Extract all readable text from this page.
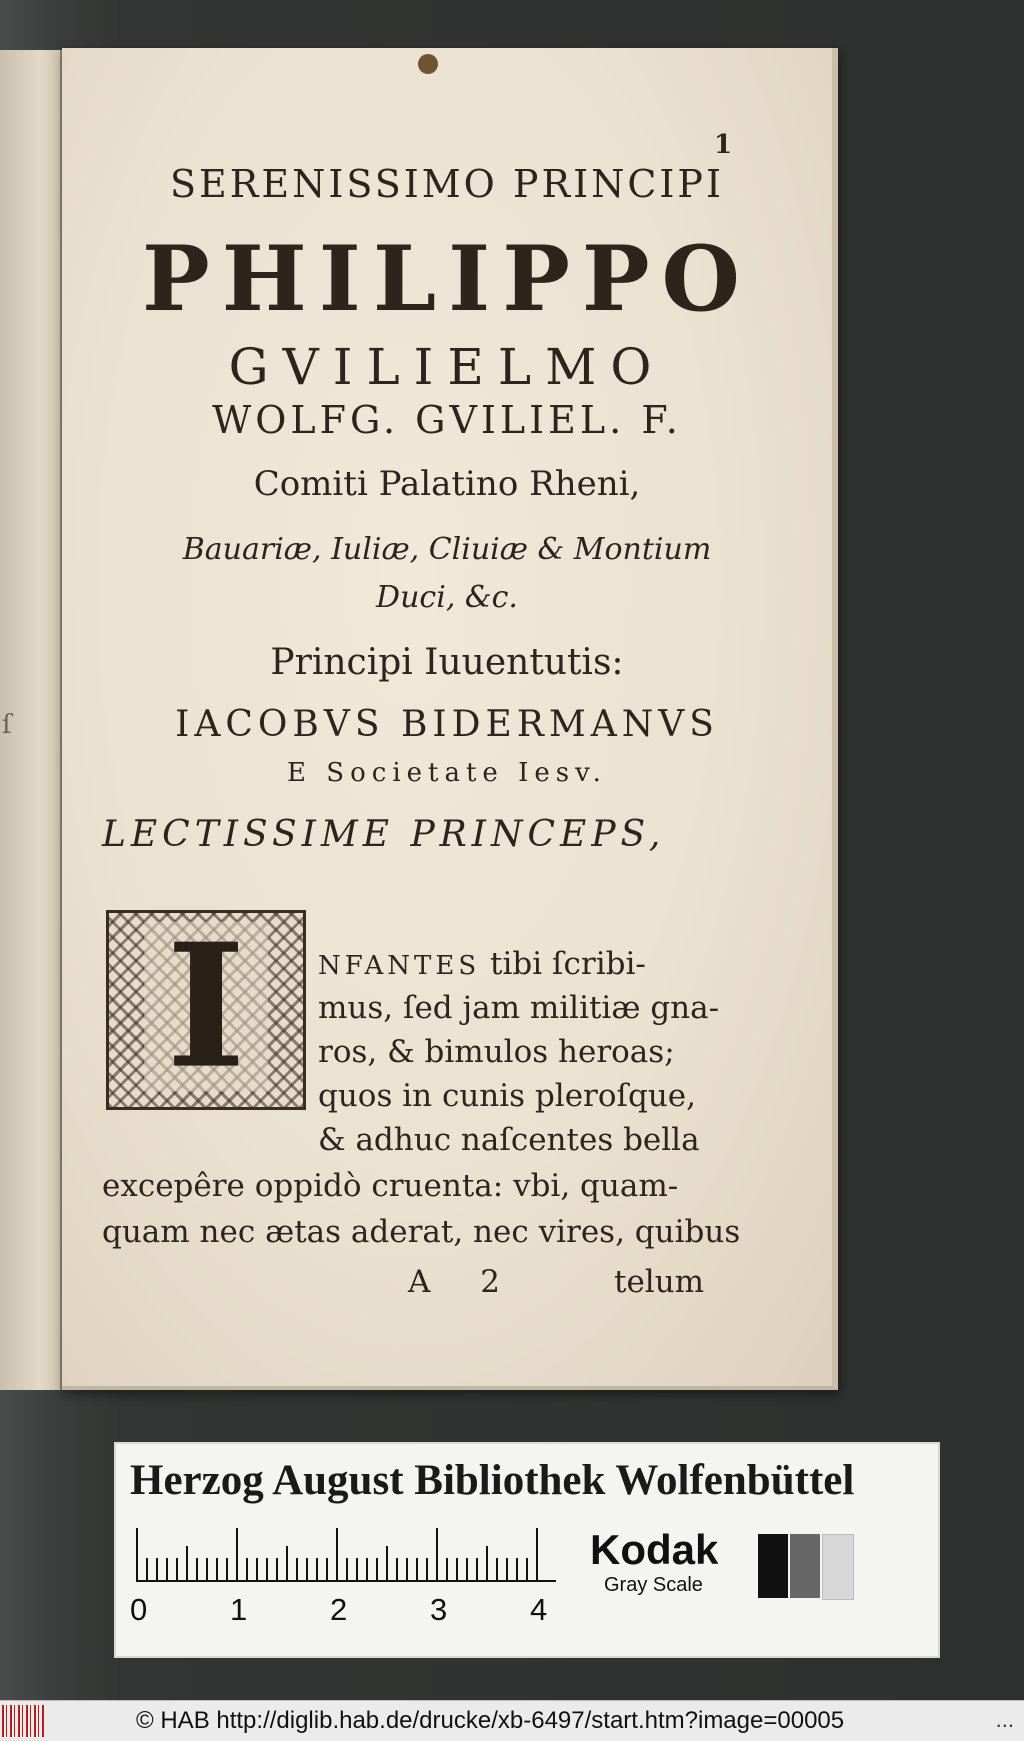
ſ
1
SERENISSIMO PRINCIPI
PHILIPPO
GVILIELMO
WOLFG. GVILIEL. F.
Comiti Palatino Rheni,
Bauariæ, Iuliæ, Cliuiæ & Montium
Duci, &c.
Principi Iuuentutis:
IACOBVS BIDERMANVS
E Societate Iesv.
LECTISSIME PRINCEPS,
I	NFANTES tibi ſcribi-
mus, ſed jam militiæ gna-
ros, & bimulos heroas;
quos in cunis pleroſque,
& adhuc naſcentes bella
excepêre oppidò cruenta: vbi, quam-
quam nec ætas aderat, nec vires, quibus
A 2	telum
Herzog August Bibliothek Wolfenbüttel
0	1	2	3	4
Kodak
Gray Scale
© HAB http://diglib.hab.de/drucke/xb-6497/start.htm?image=00005	...
